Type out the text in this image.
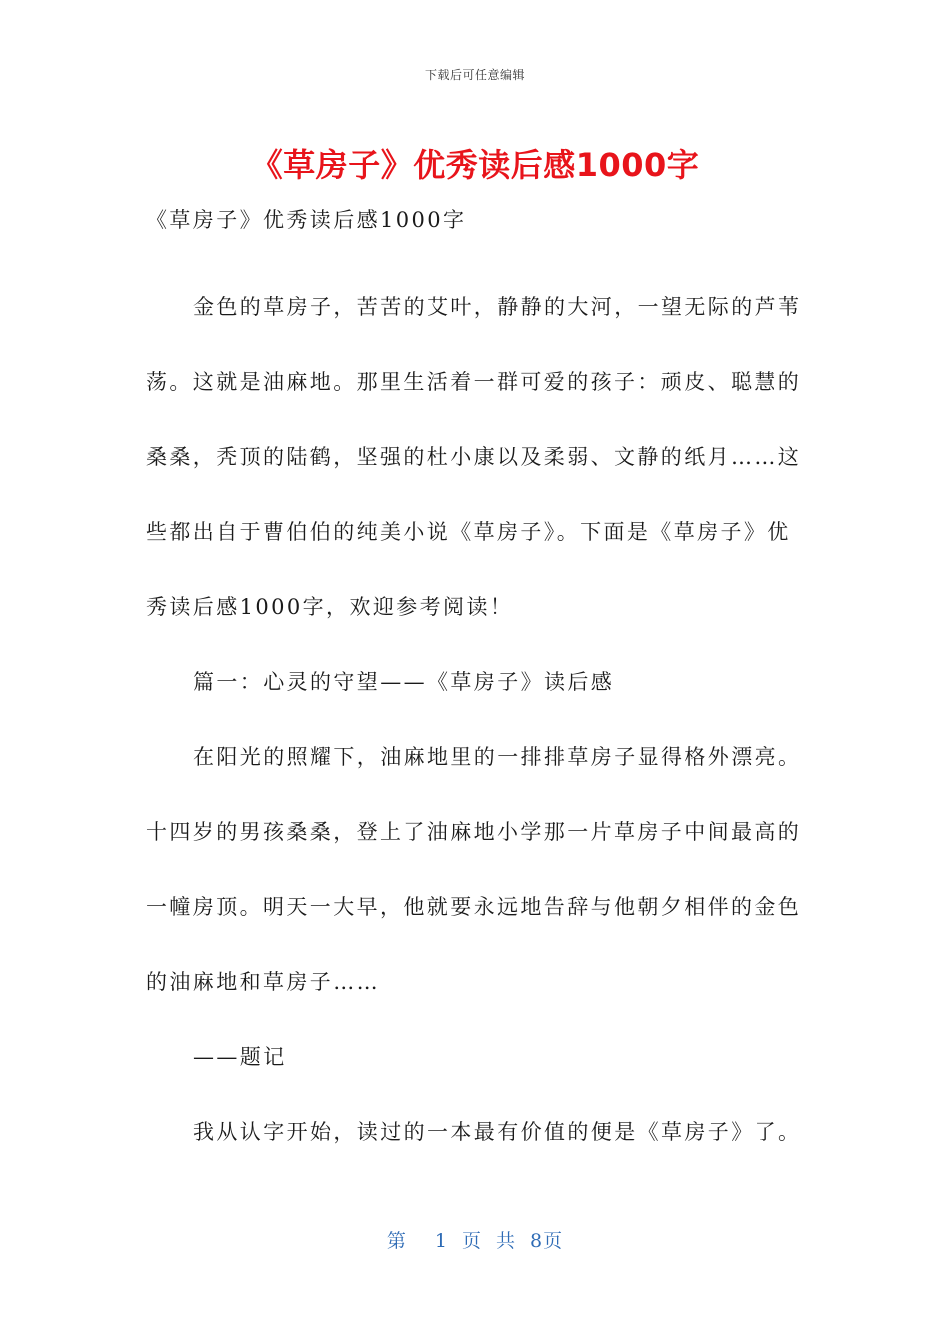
下载后可任意编辑
《草房子》优秀读后感1000字

《草房子》优秀读后感1000字

金色的草房子，苦苦的艾叶，静静的大河，一望无际的芦苇荡。这就是油麻地。那里生活着一群可爱的孩子：顽皮、聪慧的桑桑，秃顶的陆鹤，坚强的杜小康以及柔弱、文静的纸月……这些都出自于曹伯伯的纯美小说《草房子》。下面是《草房子》优秀读后感1000字，欢迎参考阅读！

篇一：心灵的守望——《草房子》读后感

在阳光的照耀下，油麻地里的一排排草房子显得格外漂亮。十四岁的男孩桑桑，登上了油麻地小学那一片草房子中间最高的一幢房顶。明天一大早，他就要永远地告辞与他朝夕相伴的金色的油麻地和草房子……

——题记

我从认字开始，读过的一本最有价值的便是《草房子》了。

第 1 页 共 8页
